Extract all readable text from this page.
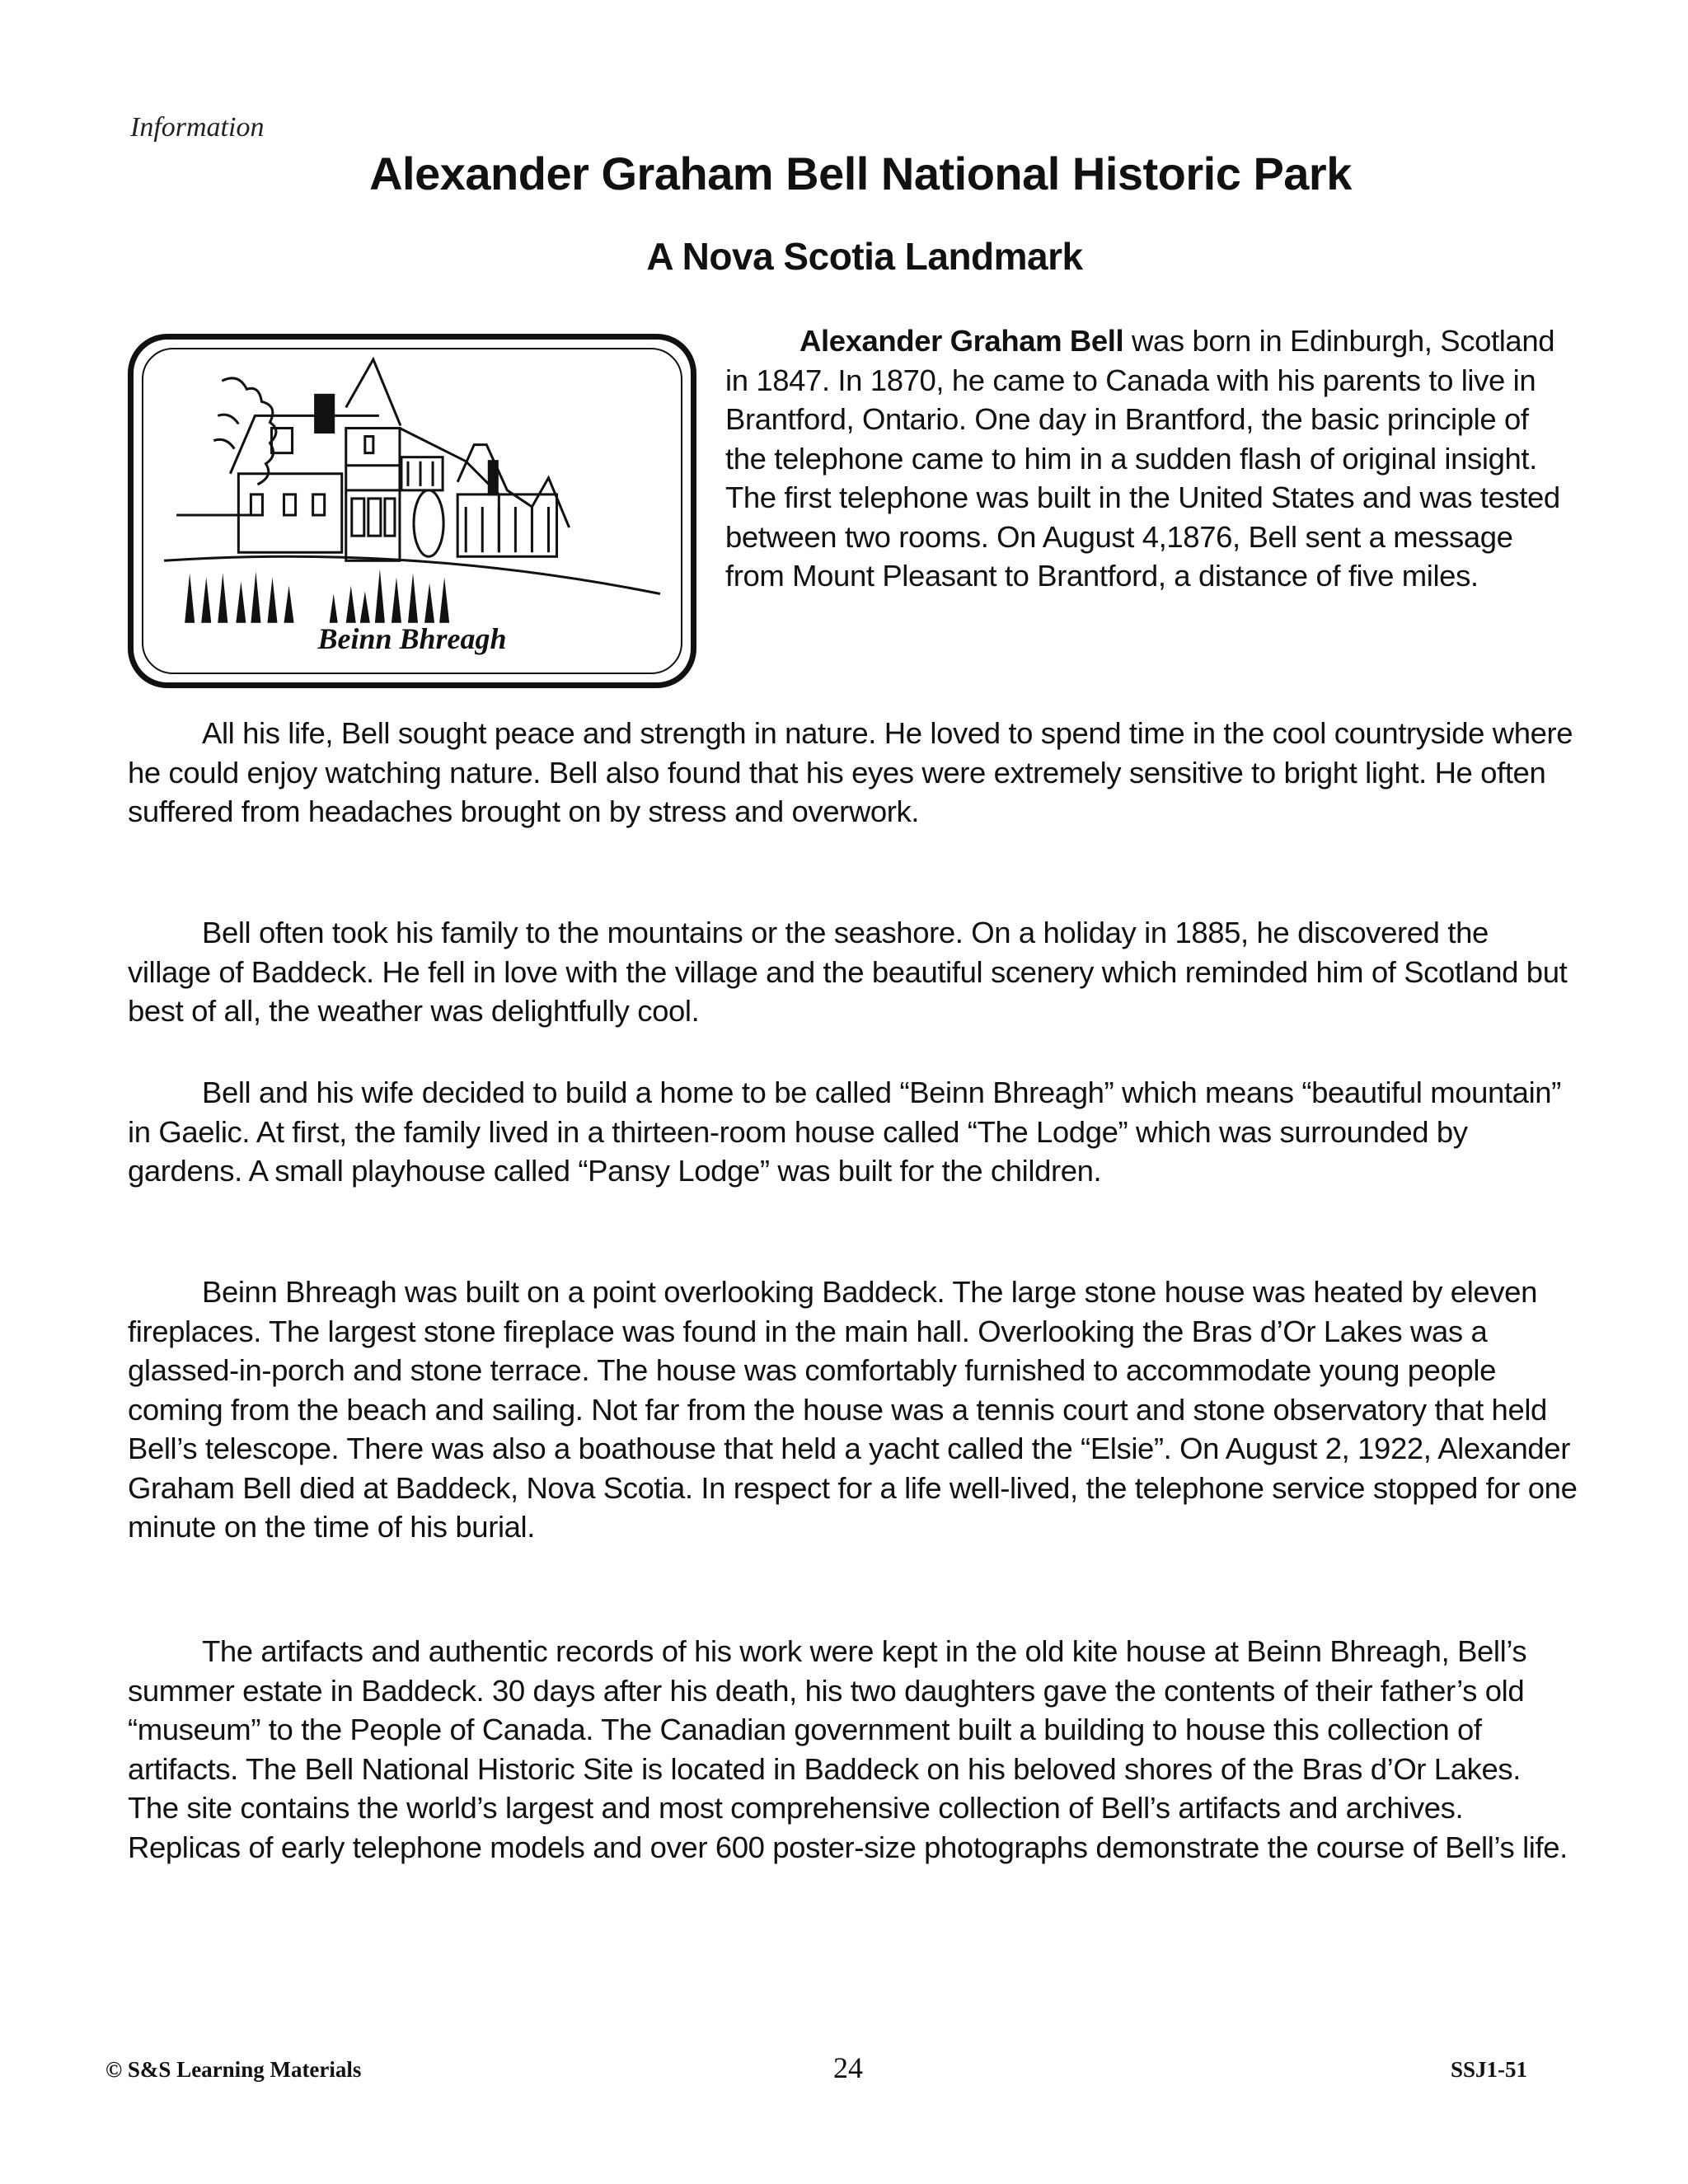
Information
Alexander Graham Bell National Historic Park
A Nova Scotia Landmark
Beinn Bhreagh

Alexander Graham Bell was born in Edinburgh, Scotland in 1847. In 1870, he came to Canada with his parents to live in Brantford, Ontario. One day in Brantford, the basic principle of the telephone came to him in a sudden flash of original insight. The first telephone was built in the United States and was tested between two rooms. On August 4,1876, Bell sent a message from Mount Pleasant to Brantford, a distance of five miles.

All his life, Bell sought peace and strength in nature. He loved to spend time in the cool countryside where he could enjoy watching nature. Bell also found that his eyes were extremely sensitive to bright light. He often suffered from headaches brought on by stress and overwork.

Bell often took his family to the mountains or the seashore. On a holiday in 1885, he discovered the village of Baddeck. He fell in love with the village and the beautiful scenery which reminded him of Scotland but best of all, the weather was delightfully cool.

Bell and his wife decided to build a home to be called “Beinn Bhreagh” which means “beautiful mountain” in Gaelic. At first, the family lived in a thirteen-room house called “The Lodge” which was surrounded by gardens. A small playhouse called “Pansy Lodge” was built for the children.

Beinn Bhreagh was built on a point overlooking Baddeck. The large stone house was heated by eleven fireplaces. The largest stone fireplace was found in the main hall. Overlooking the Bras d’Or Lakes was a glassed-in-porch and stone terrace. The house was comfortably furnished to accommodate young people coming from the beach and sailing. Not far from the house was a tennis court and stone observatory that held Bell’s telescope. There was also a boathouse that held a yacht called the “Elsie”. On August 2, 1922, Alexander Graham Bell died at Baddeck, Nova Scotia. In respect for a life well-lived, the telephone service stopped for one minute on the time of his burial.

The artifacts and authentic records of his work were kept in the old kite house at Beinn Bhreagh, Bell’s summer estate in Baddeck. 30 days after his death, his two daughters gave the contents of their father’s old “museum” to the People of Canada. The Canadian government built a building to house this collection of artifacts. The Bell National Historic Site is located in Baddeck on his beloved shores of the Bras d’Or Lakes. The site contains the world’s largest and most comprehensive collection of Bell’s artifacts and archives. Replicas of early telephone models and over 600 poster-size photographs demonstrate the course of Bell’s life.

© S&S Learning Materials	24	SSJ1-51
